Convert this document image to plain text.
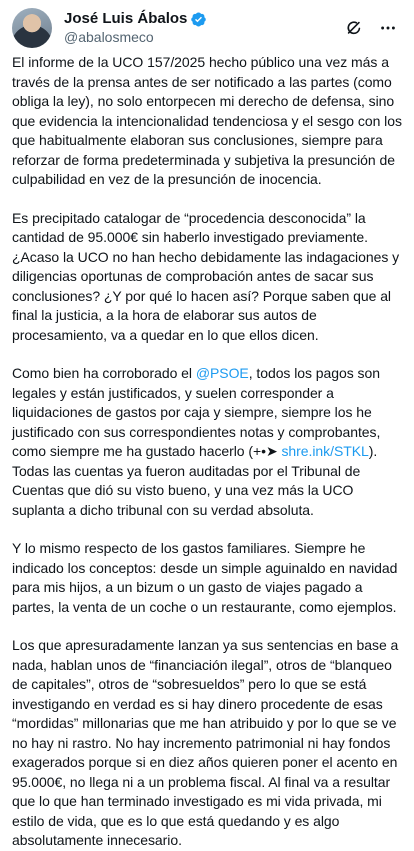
José Luis Ábalos
@abalosmeco

El informe de la UCO 157/2025 hecho público una vez más a través de la prensa antes de ser notificado a las partes (como obliga la ley), no solo entorpecen mi derecho de defensa, sino que evidencia la intencionalidad tendenciosa y el sesgo con los que habitualmente elaboran sus conclusiones, siempre para reforzar de forma predeterminada y subjetiva la presunción de culpabilidad en vez de la presunción de inocencia.

Es precipitado catalogar de “procedencia desconocida” la cantidad de 95.000€ sin haberlo investigado previamente. ¿Acaso la UCO no han hecho debidamente las indagaciones y diligencias oportunas de comprobación antes de sacar sus conclusiones? ¿Y por qué lo hacen así? Porque saben que al final la justicia, a la hora de elaborar sus autos de procesamiento, va a quedar en lo que ellos dicen.

Como bien ha corroborado el @PSOE, todos los pagos son legales y están justificados, y suelen corresponder a liquidaciones de gastos por caja y siempre, siempre los he justificado con sus correspondientes notas y comprobantes, como siempre me ha gustado hacerlo (+•➤ shre.ink/STKL). Todas las cuentas ya fueron auditadas por el Tribunal de Cuentas que dió su visto bueno, y una vez más la UCO suplanta a dicho tribunal con su verdad absoluta.

Y lo mismo respecto de los gastos familiares. Siempre he indicado los conceptos: desde un simple aguinaldo en navidad para mis hijos, a un bizum o un gasto de viajes pagado a partes, la venta de un coche o un restaurante, como ejemplos.

Los que apresuradamente lanzan ya sus sentencias en base a nada, hablan unos de “financiación ilegal”, otros de “blanqueo de capitales”, otros de “sobresueldos” pero lo que se está investigando en verdad es si hay dinero procedente de esas “mordidas” millonarias que me han atribuido y por lo que se ve no hay ni rastro. No hay incremento patrimonial ni hay fondos exagerados porque si en diez años quieren poner el acento en 95.000€, no llega ni a un problema fiscal. Al final va a resultar que lo que han terminado investigado es mi vida privada, mi estilo de vida, que es lo que está quedando y es algo absolutamente innecesario.
